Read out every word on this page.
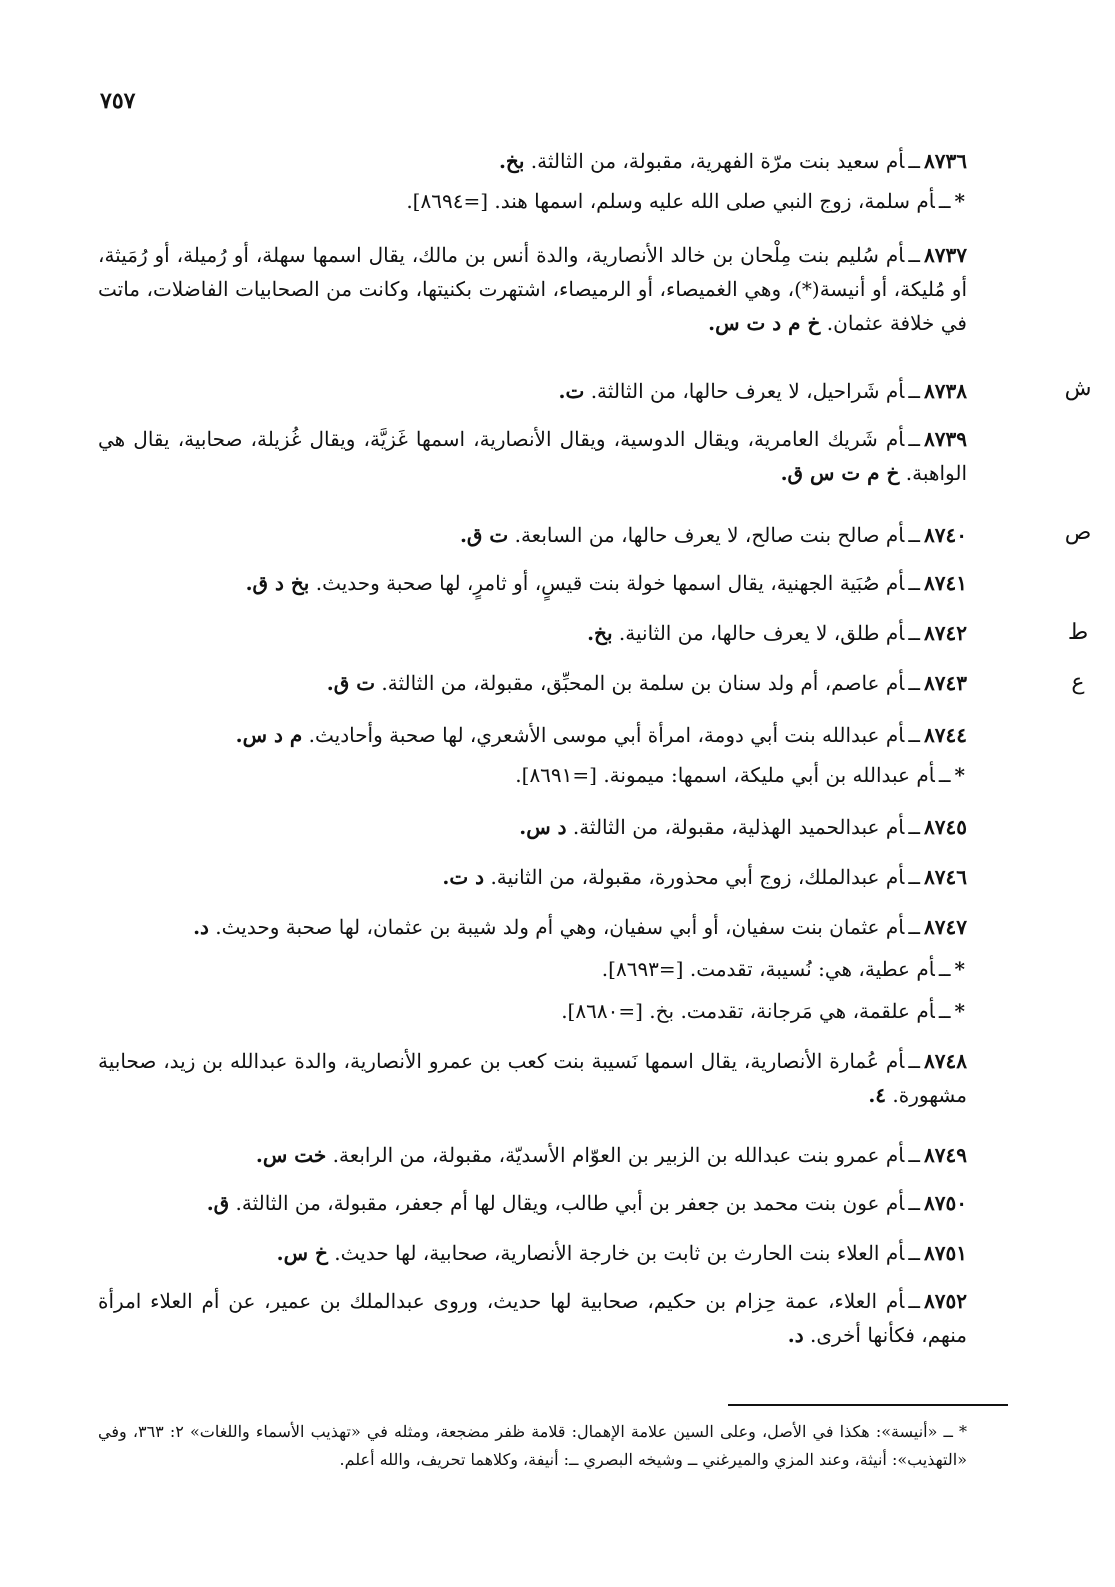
٧٥٧
ش
ص
ط
ع
٨٧٣٦ــأم سعيد بنت مرّة الفهرية، مقبولة، من الثالثة. بخ.
*ــأم سلمة، زوج النبي صلى الله عليه وسلم، اسمها هند. [=٨٦٩٤].
٨٧٣٧ــأم سُليم بنت مِلْحان بن خالد الأنصارية، والدة أنس بن مالك، يقال اسمها سهلة، أو رُميلة، أو رُمَيثة، أو مُليكة، أو أنيسة(*)، وهي الغميصاء، أو الرميصاء، اشتهرت بكنيتها، وكانت من الصحابيات الفاضلات، ماتت في خلافة عثمان. خ م د ت س.
٨٧٣٨ــأم شَراحيل، لا يعرف حالها، من الثالثة. ت.
٨٧٣٩ــأم شَريك العامرية، ويقال الدوسية، ويقال الأنصارية، اسمها غَزيَّة، ويقال غُزيلة، صحابية، يقال هي الواهبة. خ م ت س ق.
٨٧٤٠ــأم صالح بنت صالح، لا يعرف حالها، من السابعة. ت ق.
٨٧٤١ــأم صُبَية الجهنية، يقال اسمها خولة بنت قيسٍ، أو ثامرٍ، لها صحبة وحديث. بخ د ق.
٨٧٤٢ــأم طلق، لا يعرف حالها، من الثانية. بخ.
٨٧٤٣ــأم عاصم، أم ولد سنان بن سلمة بن المحبِّق، مقبولة، من الثالثة. ت ق.
٨٧٤٤ــأم عبدالله بنت أبي دومة، امرأة أبي موسى الأشعري، لها صحبة وأحاديث. م د س.
*ــأم عبدالله بن أبي مليكة، اسمها: ميمونة. [=٨٦٩١].
٨٧٤٥ــأم عبدالحميد الهذلية، مقبولة، من الثالثة. د س.
٨٧٤٦ــأم عبدالملك، زوج أبي محذورة، مقبولة، من الثانية. د ت.
٨٧٤٧ــأم عثمان بنت سفيان، أو أبي سفيان، وهي أم ولد شيبة بن عثمان، لها صحبة وحديث. د.
*ــأم عطية، هي: نُسيبة، تقدمت. [=٨٦٩٣].
*ــأم علقمة، هي مَرجانة، تقدمت. بخ. [=٨٦٨٠].
٨٧٤٨ــأم عُمارة الأنصارية، يقال اسمها نَسيبة بنت كعب بن عمرو الأنصارية، والدة عبدالله بن زيد، صحابية مشهورة. ٤.
٨٧٤٩ــأم عمرو بنت عبدالله بن الزبير بن العوّام الأسديّة، مقبولة، من الرابعة. خت س.
٨٧٥٠ــأم عون بنت محمد بن جعفر بن أبي طالب، ويقال لها أم جعفر، مقبولة، من الثالثة. ق.
٨٧٥١ــأم العلاء بنت الحارث بن ثابت بن خارجة الأنصارية، صحابية، لها حديث. خ س.
٨٧٥٢ــأم العلاء، عمة حِزام بن حكيم، صحابية لها حديث، وروى عبدالملك بن عمير، عن أم العلاء امرأة منهم، فكأنها أخرى. د.
* ــ «أنيسة»: هكذا في الأصل، وعلى السين علامة الإهمال: قلامة ظفر مضجعة، ومثله في «تهذيب الأسماء واللغات» ٢: ٣٦٣، وفي «التهذيب»: أنيثة، وعند المزي والميرغني ــ وشيخه البصري ــ: أنيفة، وكلاهما تحريف، والله أعلم.
